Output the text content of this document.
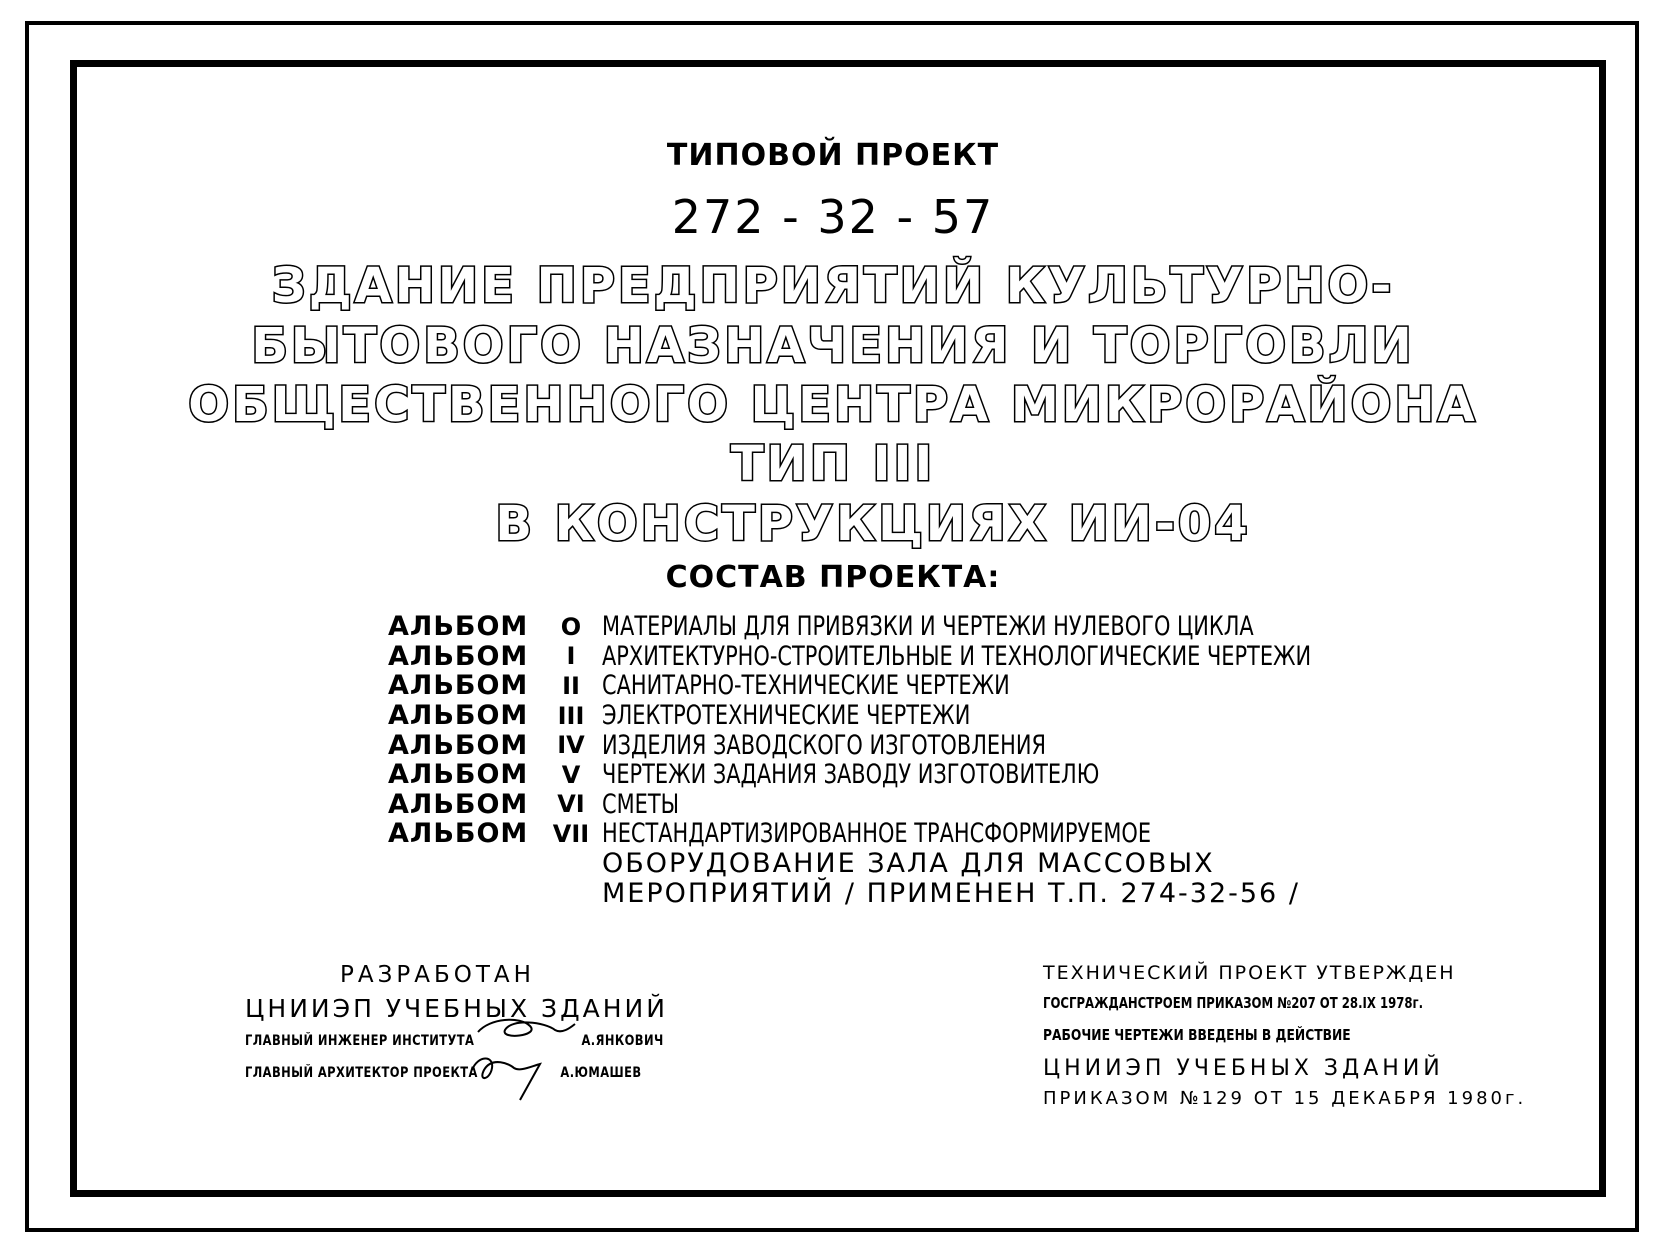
ТИПОВОЙ ПРОЕКТ
272 - 32 - 57
ЗДАНИЕ ПРЕДПРИЯТИЙ КУЛЬТУРНО-
БЫТОВОГО НАЗНАЧЕНИЯ И ТОРГОВЛИ
ОБЩЕСТВЕННОГО ЦЕНТРА МИКРОРАЙОНА
ТИП III
В КОНСТРУКЦИЯХ ИИ-04
СОСТАВ ПРОЕКТА:
АЛЬБОМ	О МАТЕРИАЛЫ ДЛЯ ПРИВЯЗКИ И ЧЕРТЕЖИ НУЛЕВОГО ЦИКЛА
АЛЬБОМ	I АРХИТЕКТУРНО-СТРОИТЕЛЬНЫЕ И ТЕХНОЛОГИЧЕСКИЕ ЧЕРТЕЖИ
АЛЬБОМ	II САНИТАРНО-ТЕХНИЧЕСКИЕ ЧЕРТЕЖИ
АЛЬБОМ	III ЭЛЕКТРОТЕХНИЧЕСКИЕ ЧЕРТЕЖИ
АЛЬБОМ	IV ИЗДЕЛИЯ ЗАВОДСКОГО ИЗГОТОВЛЕНИЯ
АЛЬБОМ	V ЧЕРТЕЖИ ЗАДАНИЯ ЗАВОДУ ИЗГОТОВИТЕЛЮ
АЛЬБОМ	VI СМЕТЫ
АЛЬБОМ	VII НЕСТАНДАРТИЗИРОВАННОЕ ТРАНСФОРМИРУЕМОЕ
ОБОРУДОВАНИЕ ЗАЛА ДЛЯ МАССОВЫХ
МЕРОПРИЯТИЙ / ПРИМЕНЕН Т.П. 274-32-56 /
РАЗРАБОТАН
ЦНИИЭП УЧЕБНЫХ ЗДАНИЙ
ГЛАВНЫЙ ИНЖЕНЕР ИНСТИТУТА	А.ЯНКОВИЧ
ГЛАВНЫЙ АРХИТЕКТОР ПРОЕКТА	А.ЮМАШЕВ
ТЕХНИЧЕСКИЙ ПРОЕКТ УТВЕРЖДЕН
ГОСГРАЖДАНСТРОЕМ ПРИКАЗОМ №207 ОТ 28.IX 1978г.
РАБОЧИЕ ЧЕРТЕЖИ ВВЕДЕНЫ В ДЕЙСТВИЕ
ЦНИИЭП УЧЕБНЫХ ЗДАНИЙ
ПРИКАЗОМ №129 ОТ 15 ДЕКАБРЯ 1980г.
